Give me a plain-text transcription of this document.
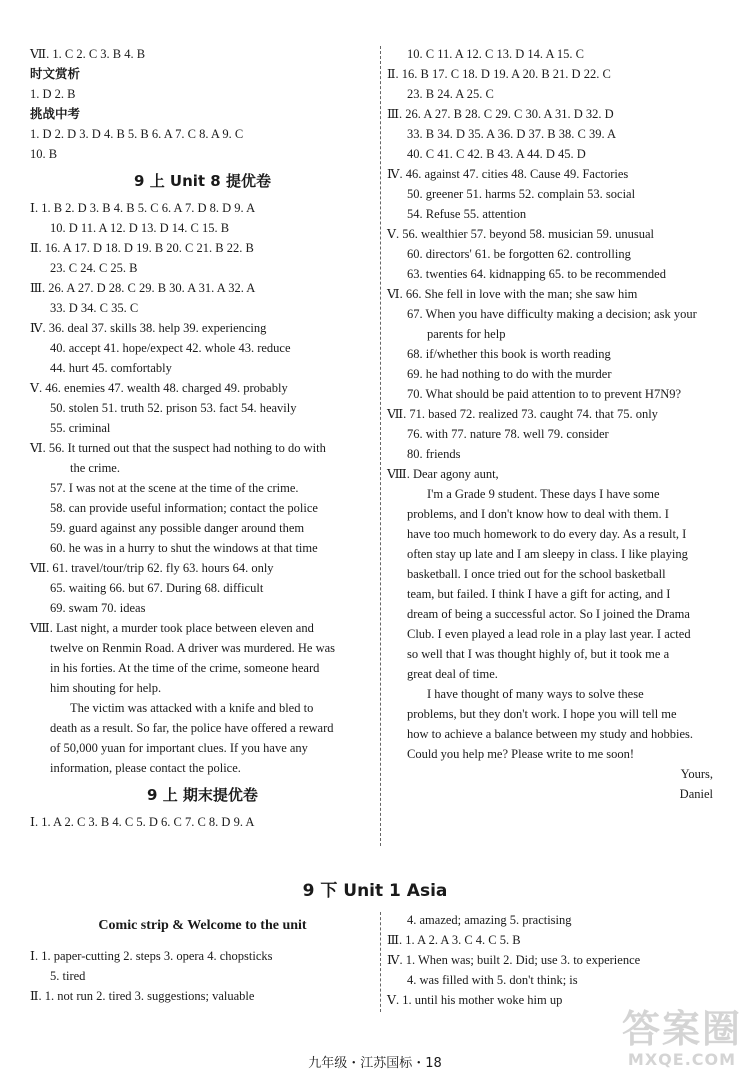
Ⅶ. 1. C 2. C 3. B 4. B
时文赏析
1. D 2. B
挑战中考
1. D 2. D 3. D 4. B 5. B 6. A 7. C 8. A 9. C
10. B
9 上 Unit 8 提优卷
Ⅰ. 1. B 2. D 3. B 4. B 5. C 6. A 7. D 8. D 9. A
10. D 11. A 12. D 13. D 14. C 15. B
Ⅱ. 16. A 17. D 18. D 19. B 20. C 21. B 22. B
23. C 24. C 25. B
Ⅲ. 26. A 27. D 28. C 29. B 30. A 31. A 32. A
33. D 34. C 35. C
Ⅳ. 36. deal 37. skills 38. help 39. experiencing
40. accept 41. hope/expect 42. whole 43. reduce
44. hurt 45. comfortably
Ⅴ. 46. enemies 47. wealth 48. charged 49. probably
50. stolen 51. truth 52. prison 53. fact 54. heavily
55. criminal
Ⅵ. 56. It turned out that the suspect had nothing to do with
the crime.
57. I was not at the scene at the time of the crime.
58. can provide useful information; contact the police
59. guard against any possible danger around them
60. he was in a hurry to shut the windows at that time
Ⅶ. 61. travel/tour/trip 62. fly 63. hours 64. only
65. waiting 66. but 67. During 68. difficult
69. swam 70. ideas
Ⅷ. Last night, a murder took place between eleven and
twelve on Renmin Road. A driver was murdered. He was
in his forties. At the time of the crime, someone heard
him shouting for help.
The victim was attacked with a knife and bled to
death as a result. So far, the police have offered a reward
of 50,000 yuan for important clues. If you have any
information, please contact the police.
9 上 期末提优卷
Ⅰ. 1. A 2. C 3. B 4. C 5. D 6. C 7. C 8. D 9. A
10. C 11. A 12. C 13. D 14. A 15. C
Ⅱ. 16. B 17. C 18. D 19. A 20. B 21. D 22. C
23. B 24. A 25. C
Ⅲ. 26. A 27. B 28. C 29. C 30. A 31. D 32. D
33. B 34. D 35. A 36. D 37. B 38. C 39. A
40. C 41. C 42. B 43. A 44. D 45. D
Ⅳ. 46. against 47. cities 48. Cause 49. Factories
50. greener 51. harms 52. complain 53. social
54. Refuse 55. attention
Ⅴ. 56. wealthier 57. beyond 58. musician 59. unusual
60. directors' 61. be forgotten 62. controlling
63. twenties 64. kidnapping 65. to be recommended
Ⅵ. 66. She fell in love with the man; she saw him
67. When you have difficulty making a decision; ask your
parents for help
68. if/whether this book is worth reading
69. he had nothing to do with the murder
70. What should be paid attention to to prevent H7N9?
Ⅶ. 71. based 72. realized 73. caught 74. that 75. only
76. with 77. nature 78. well 79. consider
80. friends
Ⅷ. Dear agony aunt,
I'm a Grade 9 student. These days I have some
problems, and I don't know how to deal with them. I
have too much homework to do every day. As a result, I
often stay up late and I am sleepy in class. I like playing
basketball. I once tried out for the school basketball
team, but failed. I think I have a gift for acting, and I
dream of being a successful actor. So I joined the Drama
Club. I even played a lead role in a play last year. I acted
so well that I was thought highly of, but it took me a
great deal of time.
I have thought of many ways to solve these
problems, but they don't work. I hope you will tell me
how to achieve a balance between my study and hobbies.
Could you help me? Please write to me soon!
Yours,
Daniel
9 下 Unit 1 Asia
Comic strip & Welcome to the unit
Ⅰ. 1. paper-cutting 2. steps 3. opera 4. chopsticks
5. tired
Ⅱ. 1. not run 2. tired 3. suggestions; valuable
4. amazed; amazing 5. practising
Ⅲ. 1. A 2. A 3. C 4. C 5. B
Ⅳ. 1. When was; built 2. Did; use 3. to experience
4. was filled with 5. don't think; is
Ⅴ. 1. until his mother woke him up
九年级・江苏国标・18
答案圈
MXQE.COM
